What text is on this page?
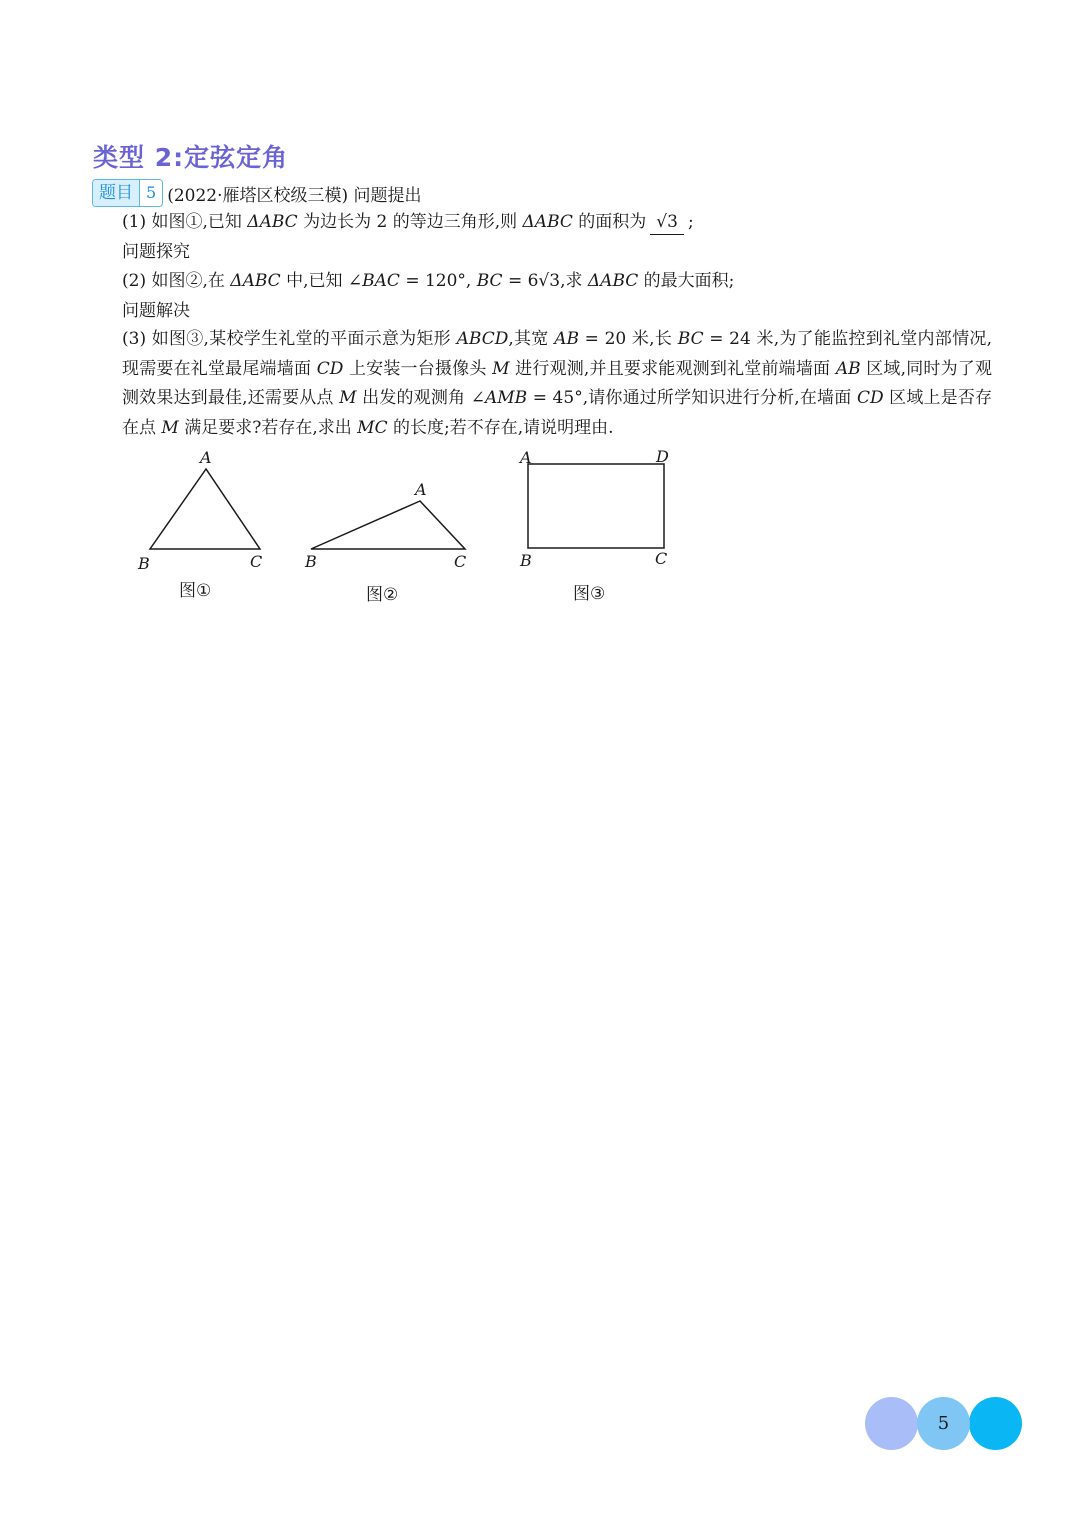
类型 2:定弦定角
题目 5 (2022·雁塔区校级三模) 问题提出
(1) 如图①,已知 ΔABC 为边长为 2 的等边三角形,则 ΔABC 的面积为 √3 ;
问题探究
(2) 如图②,在 ΔABC 中,已知 ∠BAC = 120°, BC = 6√3,求 ΔABC 的最大面积;
问题解决
(3) 如图③,某校学生礼堂的平面示意为矩形 ABCD,其宽 AB = 20 米,长 BC = 24 米,为了能监控到礼堂内部情况,现需要在礼堂最尾端墙面 CD 上安装一台摄像头 M 进行观测,并且要求能观测到礼堂前端墙面 AB 区域,同时为了观测效果达到最佳,还需要从点 M 出发的观测角 ∠AMB = 45°,请你通过所学知识进行分析,在墙面 CD 区域上是否存在点 M 满足要求?若存在,求出 MC 的长度;若不存在,请说明理由.
A
B	C
图①
A
B	C
图②
A	D
B	C
图③
5
